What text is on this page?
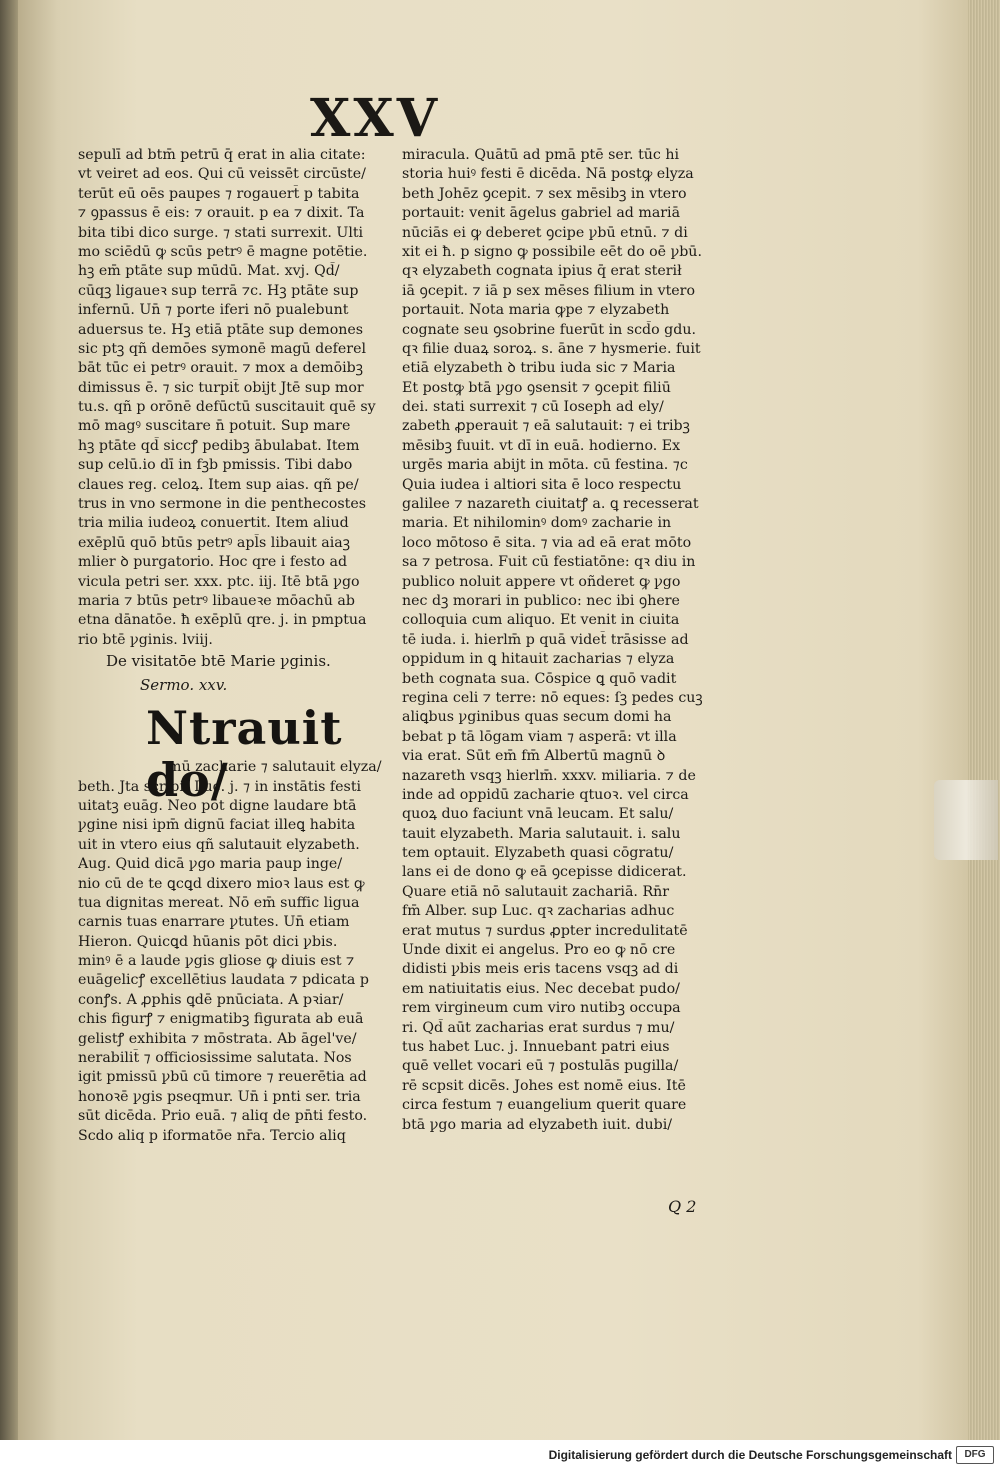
XXV
sepulī ad btm̄ petrū q̄ erat in alia citate:
vt veiret ad eos. Qui cū veissēt circūste/
terūt eū oēs paupes ⁊ rogauert̄ p tabita
⁊ ꝯpassus ē eis: ⁊ orauit. p ea ⁊ dixit. Ta
bita tibi dico surge. ⁊ stati surrexit. Ulti
mo sciēdū ꝙ scūs petrꝰ ē magne potētie.
hꝫ em̄ ptāte sup mūdū. Mat. xvj. Qd̄/
cūqꝫ ligaueꝛ sup terrā ⁊c. Hꝫ ptāte sup
infernū. Un̄ ⁊ porte iferi nō pualebunt
aduersus te. Hꝫ etiā ptāte sup demones
sic ptꝫ qñ demōes symonē magū deferel
bāt tūc ei petrꝰ orauit. ⁊ mox a demōibꝫ
dimissus ē. ⁊ sic turpit̄ obijt Jtē sup mor
tu.s. qñ p orōnē defūctū suscitauit quē sy
mō magꝰ suscitare n̄ potuit. Sup mare
hꝫ ptāte qd̄ siccꝭ pedibꝫ ābulabat. Item
sup celū.io dī in fꝫb pmissis. Tibi dabo
claues reg. celoꝝ. Item sup aias. qñ pe/
trus in vno sermone in die penthecostes
tria milia iudeoꝝ conuertit. Item aliud
exēplū quō btūs petrꝰ apl̄s libauit aiaꝫ
mlier ꝺ purgatorio. Hoc qre i festo ad
vicula petri ser. xxx. ptc. iij. Itē btā ꝩgo
maria ⁊ btūs petrꝰ libaueꝛe mōachū ab
etna dānatōe. ħ exēplū qre. j. in pmptua
rio btē ꝩginis. lviij.
De visitatōe btē Marie ꝩginis.
Sermo. xxv.
Ntrauit do/
mū zacharie ⁊ salutauit elyza/
beth. Jta scribit Luc. j. ⁊ in instātis festi
uitatꝫ euāg. Neo pōt digne laudare btā
ꝩgine nisi ipm̄ dignū faciat illeꝗ habita
uit in vtero eius qñ salutauit elyzabeth.
Aug. Quid dicā ꝩgo maria paup inge/
nio cū de te ꝗcꝗd dixero mioꝛ laus est ꝙ
tua dignitas mereat. Nō em̄ suffic ligua
carnis tuas enarrare ꝩtutes. Un̄ etiam
Hieron. Quicꝗd hūanis pōt dici ꝩbis.
minꝰ ē a laude ꝩgis gliose ꝙ diuis est ⁊
euāgelicꝭ excellētius laudata ⁊ pdicata p
conꝭs. A ꝓphis ꝗdē pnūciata. A pꝛiar/
chis figurꝭ ⁊ enigmatibꝫ figurata ab euā
gelistꝭ exhibita ⁊ mōstrata. Ab āgel've/
nerabilit̄ ⁊ officiosissime salutata. Nos
igit pmissū ꝩbū cū timore ⁊ reuerētia ad
honoꝛē ꝩgis pseqmur. Un̄ i pnti ser. tria
sūt dicēda. Prio euā. ⁊ aliq de pn̄ti festo.
Scdo aliq p iformatōe nr̄a. Tercio aliq
miracula. Quātū ad pmā ptē ser. tūc hi
storia huiꝰ festi ē dicēda. Nā postꝙ elyza
beth Johēz ꝯcepit. ⁊ sex mēsibꝫ in vtero
portauit: venit āgelus gabriel ad mariā
nūciās ei ꝙ deberet ꝯcipe ꝩbū etnū. ⁊ di
xit ei ħ. p signo ꝙ possibile eēt do oē ꝩbū.
qꝛ elyzabeth cognata ipius q̄ erat sterił
iā ꝯcepit. ⁊ iā p sex mēses filium in vtero
portauit. Nota maria ꝙpe ⁊ elyzabeth
cognate seu ꝯsobrine fuerūt in scd̄o gdu.
qꝛ filie duaꝝ soroꝝ. s. āne ⁊ hysmerie. fuit
etiā elyzabeth ꝺ tribu iuda sic ⁊ Maria
Et postꝙ btā ꝩgo ꝯsensit ⁊ ꝯcepit filiū
dei. stati surrexit ⁊ cū Ioseph ad ely/
zabeth ꝓperauit ⁊ eā salutauit: ⁊ ei tribꝫ
mēsibꝫ fuuit. vt dī in euā. hodierno. Ex
urgēs maria abijt in mōta. cū festina. ⁊c
Quia iudea i altiori sita ē loco respectu
galilee ⁊ nazareth ciuitatꝭ a. ꝗ recesserat
maria. Et nihilominꝰ domꝰ zacharie in
loco mōtoso ē sita. ⁊ via ad eā erat mōto
sa ⁊ petrosa. Fuit cū festiatōne: qꝛ diu in
publico noluit appere vt oñderet ꝙ ꝩgo
nec dꝫ morari in publico: nec ibi ꝯhere
colloquia cum aliquo. Et venit in ciuita
tē iuda. i. hierlm̄ p quā videt̄ trāsisse ad
oppidum in ꝗ hitauit zacharias ⁊ elyza
beth cognata sua. Cōspice ꝗ quō vadit
regina celi ⁊ terre: nō eques: ſꝫ pedes cuꝫ
aliꝗbus ꝩginibus quas secum domi ha
bebat p tā lōgam viam ⁊ asperā: vt illa
via erat. Sūt em̄ fm̄ Albertū magnū ꝺ
nazareth vsqꝫ hierlm̄. xxxv. miliaria. ⁊ de
inde ad oppidū zacharie qtuoꝛ. vel circa
quoꝝ duo faciunt vnā leucam. Et salu/
tauit elyzabeth. Maria salutauit. i. salu
tem optauit. Elyzabeth quasi cōgratu/
lans ei de dono ꝙ eā ꝯcepisse didicerat.
Quare etiā nō salutauit zachariā. Rn̄r
fm̄ Alber. sup Luc. qꝛ zacharias adhuc
erat mutus ⁊ surdus ꝓpter incredulitatē
Unde dixit ei angelus. Pro eo ꝙ nō cre
didisti ꝩbis meis eris tacens vsqꝫ ad di
em natiuitatis eius. Nec decebat pudo/
rem virgineum cum viro nutibꝫ occupa
ri. Qd̄ aūt zacharias erat surdus ⁊ mu/
tus habet Luc. j. Innuebant patri eius
quē vellet vocari eū ⁊ postulās pugilla/
rē scpsit dicēs. Johes est nomē eius. Itē
circa festum ⁊ euangelium querit quare
btā ꝩgo maria ad elyzabeth iuit. dubi/
Q 2
Digitalisierung gefördert durch die Deutsche Forschungsgemeinschaft	DFG
